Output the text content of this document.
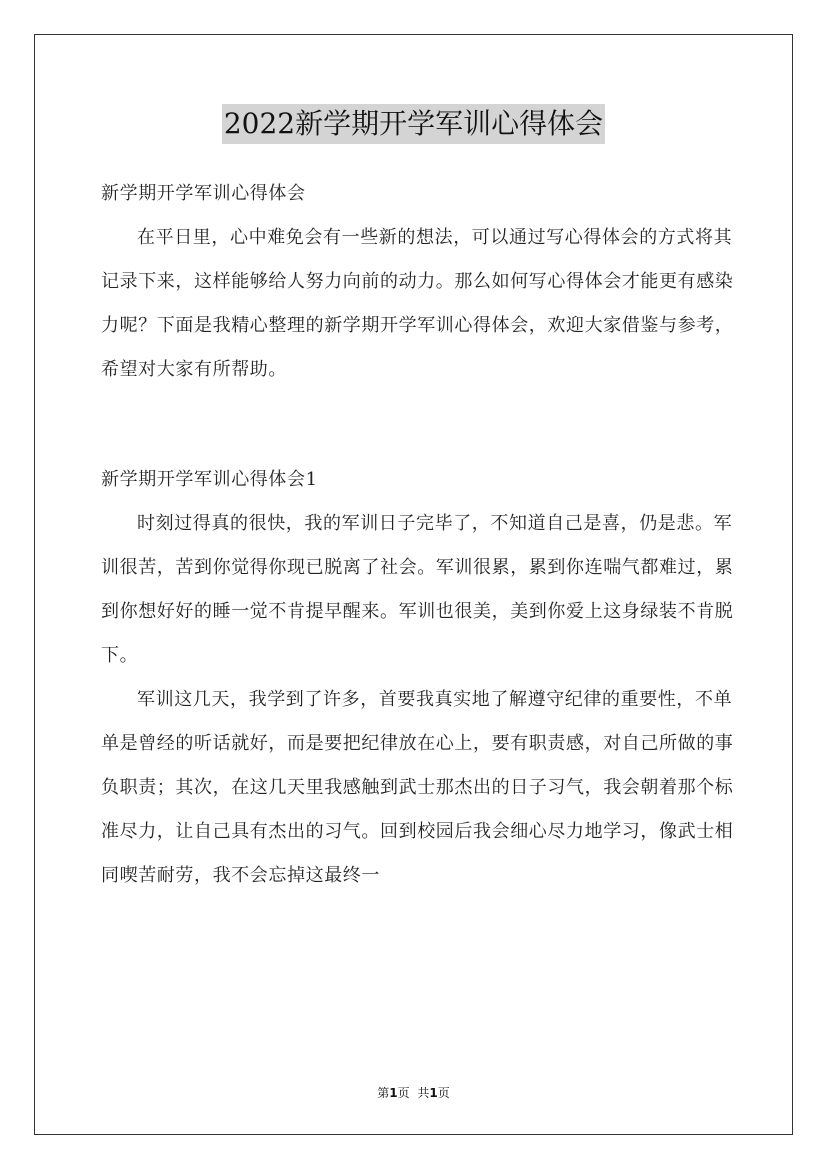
2022新学期开学军训心得体会

新学期开学军训心得体会

在平日里，心中难免会有一些新的想法，可以通过写心得体会的方式将其记录下来，这样能够给人努力向前的动力。那么如何写心得体会才能更有感染力呢？下面是我精心整理的新学期开学军训心得体会，欢迎大家借鉴与参考，希望对大家有所帮助。

新学期开学军训心得体会1

时刻过得真的很快，我的军训日子完毕了，不知道自己是喜，仍是悲。军训很苦，苦到你觉得你现已脱离了社会。军训很累，累到你连喘气都难过，累到你想好好的睡一觉不肯提早醒来。军训也很美，美到你爱上这身绿装不肯脱下。

军训这几天，我学到了许多，首要我真实地了解遵守纪律的重要性，不单单是曾经的听话就好，而是要把纪律放在心上，要有职责感，对自己所做的事负职责；其次，在这几天里我感触到武士那杰出的日子习气，我会朝着那个标准尽力，让自己具有杰出的习气。回到校园后我会细心尽力地学习，像武士相同喫苦耐劳，我不会忘掉这最终一

第1页 共1页
